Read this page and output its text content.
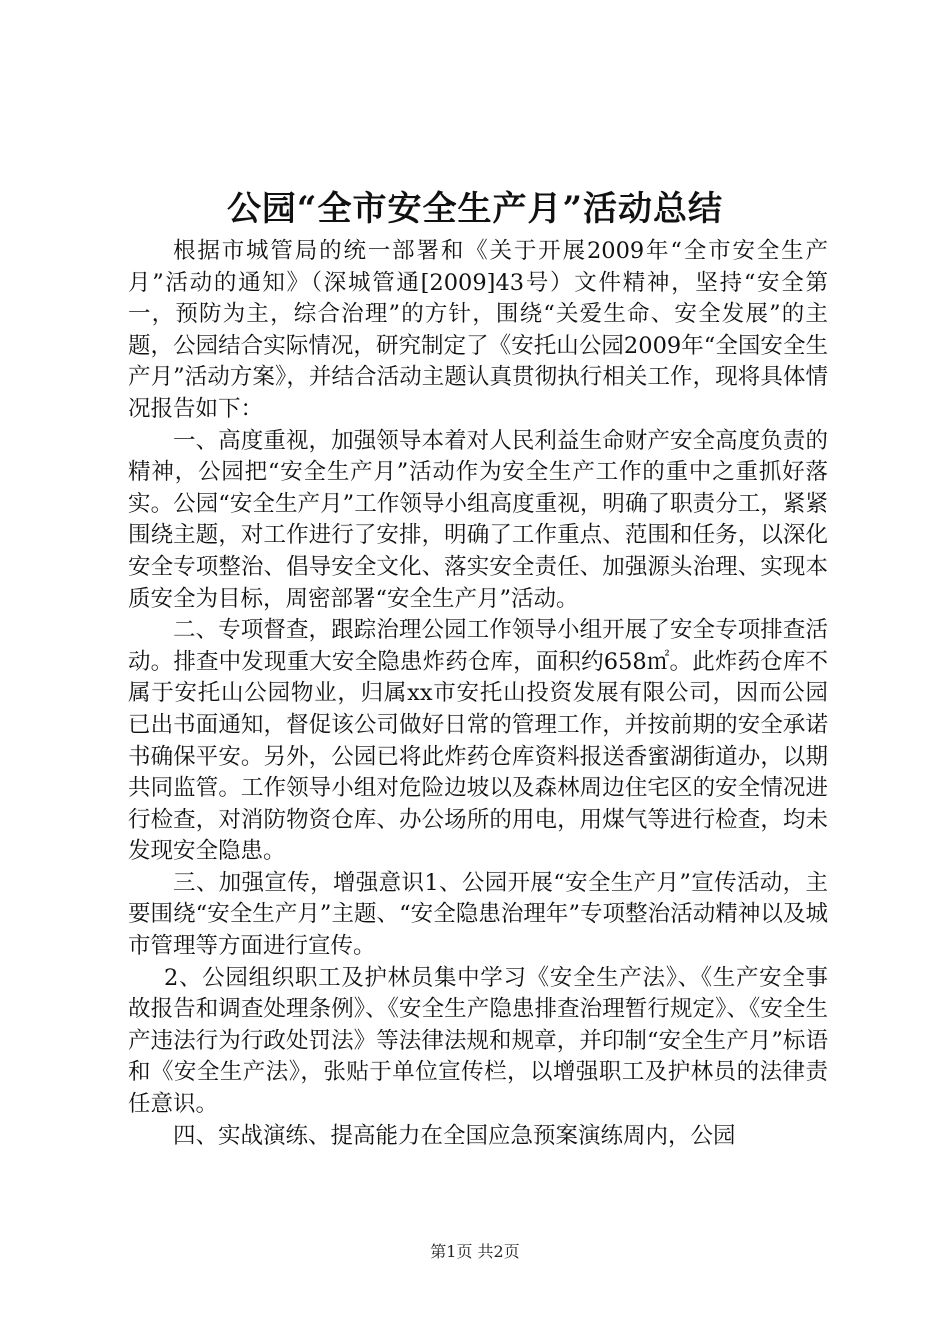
公园“全市安全生产月”活动总结

根据市城管局的统一部署和《关于开展2009年“全市安全生产月”活动的通知》（深城管通[2009]43号）文件精神，坚持“安全第一，预防为主，综合治理”的方针，围绕“关爱生命、安全发展”的主题，公园结合实际情况，研究制定了《安托山公园2009年“全国安全生产月”活动方案》，并结合活动主题认真贯彻执行相关工作，现将具体情况报告如下：

一、高度重视，加强领导本着对人民利益生命财产安全高度负责的精神，公园把“安全生产月”活动作为安全生产工作的重中之重抓好落实。公园“安全生产月”工作领导小组高度重视，明确了职责分工，紧紧围绕主题，对工作进行了安排，明确了工作重点、范围和任务，以深化安全专项整治、倡导安全文化、落实安全责任、加强源头治理、实现本质安全为目标，周密部署“安全生产月”活动。

二、专项督查，跟踪治理公园工作领导小组开展了安全专项排查活动。排查中发现重大安全隐患炸药仓库，面积约658㎡。此炸药仓库不属于安托山公园物业，归属xx市安托山投资发展有限公司，因而公园已出书面通知，督促该公司做好日常的管理工作，并按前期的安全承诺书确保平安。另外，公园已将此炸药仓库资料报送香蜜湖街道办，以期共同监管。工作领导小组对危险边坡以及森林周边住宅区的安全情况进行检查，对消防物资仓库、办公场所的用电，用煤气等进行检查，均未发现安全隐患。

三、加强宣传，增强意识1、公园开展“安全生产月”宣传活动，主要围绕“安全生产月”主题、“安全隐患治理年”专项整治活动精神以及城市管理等方面进行宣传。

2、公园组织职工及护林员集中学习《安全生产法》、《生产安全事故报告和调查处理条例》、《安全生产隐患排查治理暂行规定》、《安全生产违法行为行政处罚法》等法律法规和规章，并印制“安全生产月”标语和《安全生产法》，张贴于单位宣传栏，以增强职工及护林员的法律责任意识。

四、实战演练、提高能力在全国应急预案演练周内，公园

第1页 共2页
